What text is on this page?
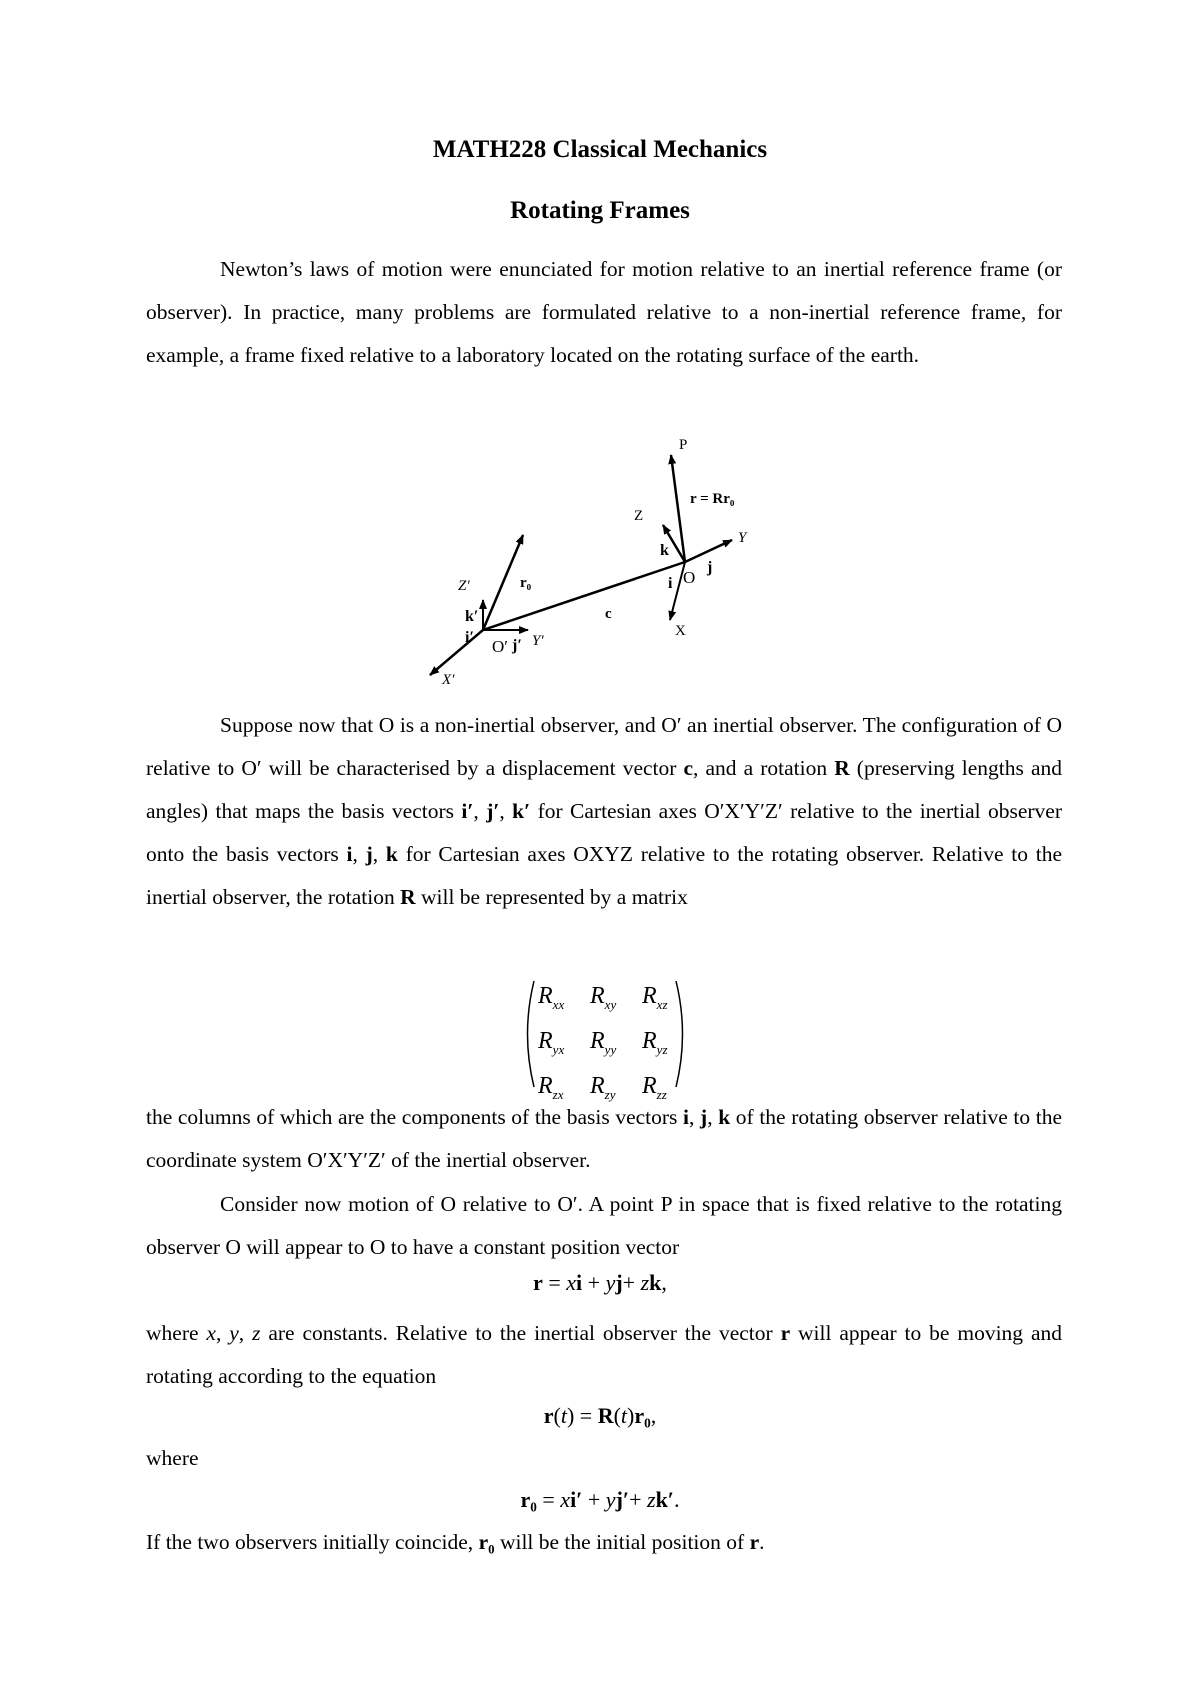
MATH228 Classical Mechanics
Rotating Frames

Newton’s laws of motion were enunciated for motion relative to an inertial reference frame (or observer). In practice, many problems are formulated relative to a non-inertial reference frame, for example, a frame fixed relative to a laboratory located on the rotating surface of the earth.

P
r = Rr₀
Z
k
j
Y
i O
X
c
r₀
Z′
k′
i′ O′ j′ Y′
X′

Suppose now that O is a non-inertial observer, and O′ an inertial observer. The configuration of O relative to O′ will be characterised by a displacement vector c, and a rotation R (preserving lengths and angles) that maps the basis vectors i′, j′, k′ for Cartesian axes O′X′Y′Z′ relative to the inertial observer onto the basis vectors i, j, k for Cartesian axes OXYZ relative to the rotating observer. Relative to the inertial observer, the rotation R will be represented by a matrix

$R_{xx}$ $R_{xy}$ $R_{xz}$
$R_{yx}$ $R_{yy}$ $R_{yz}$
$R_{zx}$ $R_{zy}$ $R_{zz}$

the columns of which are the components of the basis vectors i, j, k of the rotating observer relative to the coordinate system O′X′Y′Z′ of the inertial observer.

Consider now motion of O relative to O′. A point P in space that is fixed relative to the rotating observer O will appear to O to have a constant position vector

r = xi + yj+ zk,

where x, y, z are constants. Relative to the inertial observer the vector r will appear to be moving and rotating according to the equation

r(t) = R(t)r₀,

where

r₀ = xi′ + yj′+ zk′.

If the two observers initially coincide, r₀ will be the initial position of r.
